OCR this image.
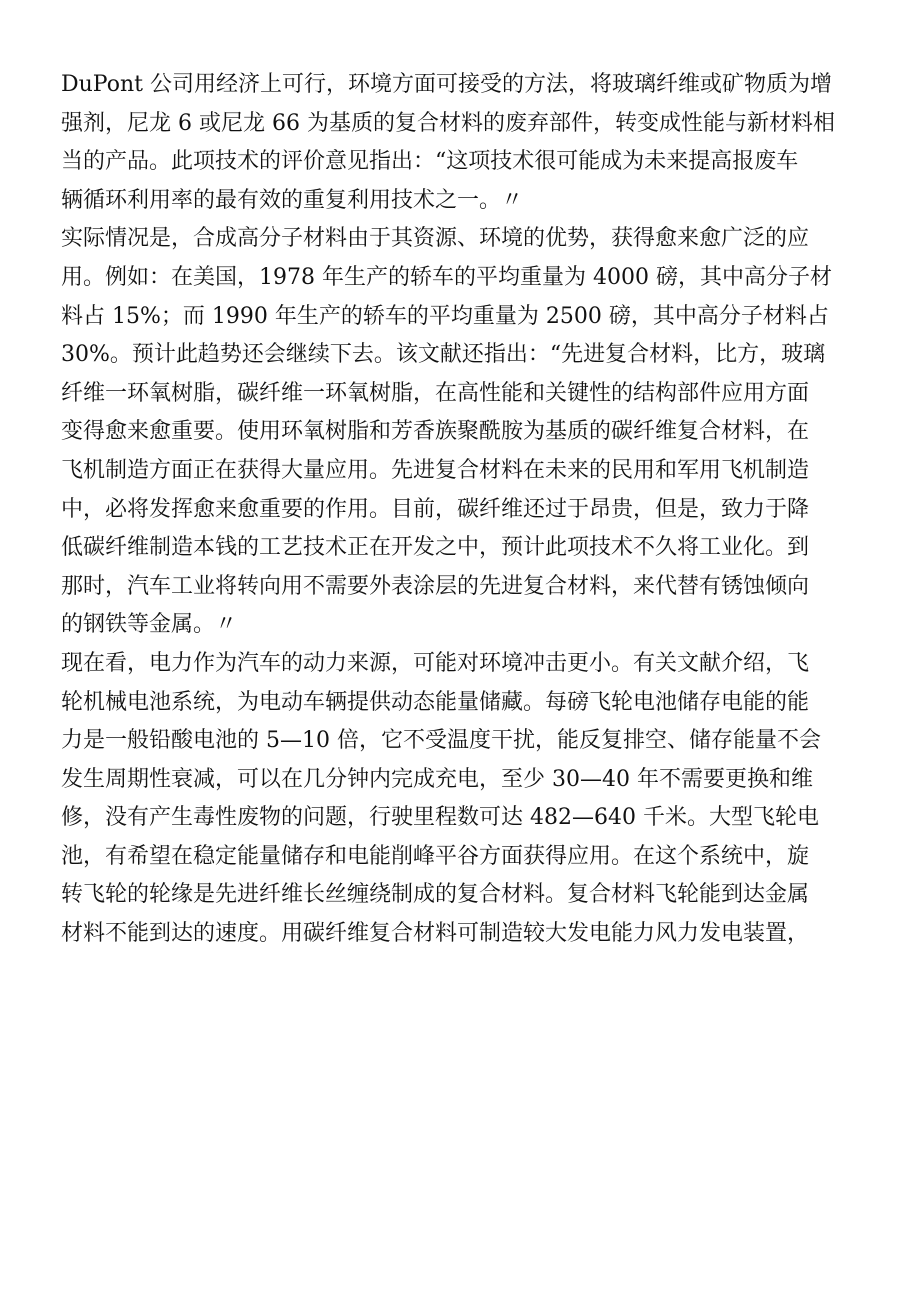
DuPont 公司用经济上可行，环境方面可接受的方法，将玻璃纤维或矿物质为增
强剂，尼龙 6 或尼龙 66 为基质的复合材料的废弃部件，转变成性能与新材料相
当的产品。此项技术的评价意见指出：“这项技术很可能成为未来提高报废车
辆循环利用率的最有效的重复利用技术之一。〃
实际情况是，合成高分子材料由于其资源、环境的优势，获得愈来愈广泛的应
用。例如：在美国，1978 年生产的轿车的平均重量为 4000 磅，其中高分子材
料占 15%；而 1990 年生产的轿车的平均重量为 2500 磅，其中高分子材料占
30%。预计此趋势还会继续下去。该文献还指出：“先进复合材料，比方，玻璃
纤维一环氧树脂，碳纤维一环氧树脂，在高性能和关键性的结构部件应用方面
变得愈来愈重要。使用环氧树脂和芳香族聚酰胺为基质的碳纤维复合材料，在
飞机制造方面正在获得大量应用。先进复合材料在未来的民用和军用飞机制造
中，必将发挥愈来愈重要的作用。目前，碳纤维还过于昂贵，但是，致力于降
低碳纤维制造本钱的工艺技术正在开发之中，预计此项技术不久将工业化。到
那时，汽车工业将转向用不需要外表涂层的先进复合材料，来代替有锈蚀倾向
的钢铁等金属。〃
现在看，电力作为汽车的动力来源，可能对环境冲击更小。有关文献介绍，飞
轮机械电池系统，为电动车辆提供动态能量储藏。每磅飞轮电池储存电能的能
力是一般铅酸电池的 5—10 倍，它不受温度干扰，能反复排空、储存能量不会
发生周期性衰减，可以在几分钟内完成充电，至少 30—40 年不需要更换和维
修，没有产生毒性废物的问题，行驶里程数可达 482—640 千米。大型飞轮电
池，有希望在稳定能量储存和电能削峰平谷方面获得应用。在这个系统中，旋
转飞轮的轮缘是先进纤维长丝缠绕制成的复合材料。复合材料飞轮能到达金属
材料不能到达的速度。用碳纤维复合材料可制造较大发电能力风力发电装置，
